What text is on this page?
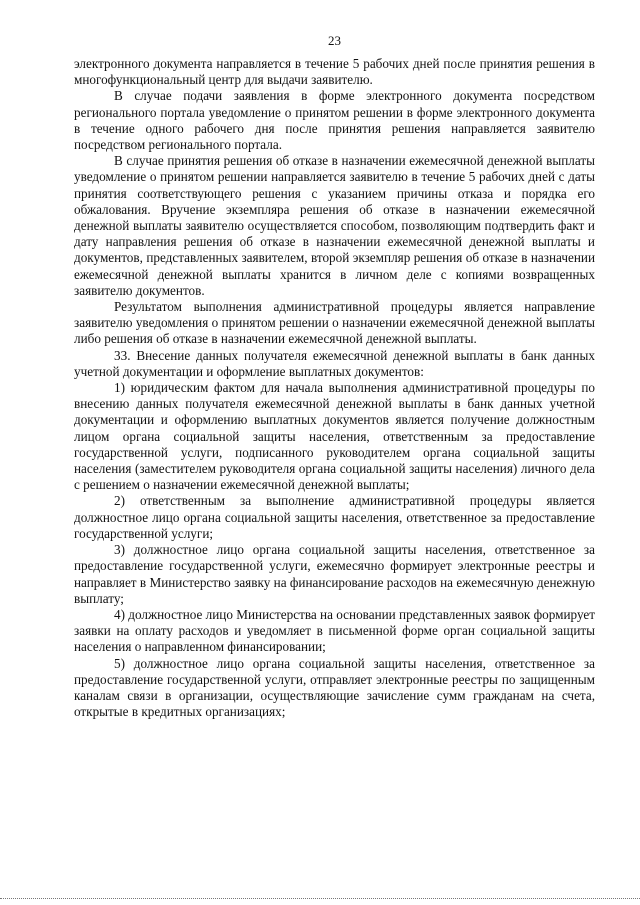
23

электронного документа направляется в течение 5 рабочих дней после принятия решения в многофункциональный центр для выдачи заявителю.

В случае подачи заявления в форме электронного документа посредством регионального портала уведомление о принятом решении в форме электронного документа в течение одного рабочего дня после принятия решения направляется заявителю посредством регионального портала.

В случае принятия решения об отказе в назначении ежемесячной денежной выплаты уведомление о принятом решении направляется заявителю в течение 5 рабочих дней с даты принятия соответствующего решения с указанием причины отказа и порядка его обжалования. Вручение экземпляра решения об отказе в назначении ежемесячной денежной выплаты заявителю осуществляется способом, позволяющим подтвердить факт и дату направления решения об отказе в назначении ежемесячной денежной выплаты и документов, представленных заявителем, второй экземпляр решения об отказе в назначении ежемесячной денежной выплаты хранится в личном деле с копиями возвращенных заявителю документов.

Результатом выполнения административной процедуры является направление заявителю уведомления о принятом решении о назначении ежемесячной денежной выплаты либо решения об отказе в назначении ежемесячной денежной выплаты.

33. Внесение данных получателя ежемесячной денежной выплаты в банк данных учетной документации и оформление выплатных документов:

1) юридическим фактом для начала выполнения административной процедуры по внесению данных получателя ежемесячной денежной выплаты в банк данных учетной документации и оформлению выплатных документов является получение должностным лицом органа социальной защиты населения, ответственным за предоставление государственной услуги, подписанного руководителем органа социальной защиты населения (заместителем руководителя органа социальной защиты населения) личного дела с решением о назначении ежемесячной денежной выплаты;

2) ответственным за выполнение административной процедуры является должностное лицо органа социальной защиты населения, ответственное за предоставление государственной услуги;

3) должностное лицо органа социальной защиты населения, ответственное за предоставление государственной услуги, ежемесячно формирует электронные реестры и направляет в Министерство заявку на финансирование расходов на ежемесячную денежную выплату;

4) должностное лицо Министерства на основании представленных заявок формирует заявки на оплату расходов и уведомляет в письменной форме орган социальной защиты населения о направленном финансировании;

5) должностное лицо органа социальной защиты населения, ответственное за предоставление государственной услуги, отправляет электронные реестры по защищенным каналам связи в организации, осуществляющие зачисление сумм гражданам на счета, открытые в кредитных организациях;
